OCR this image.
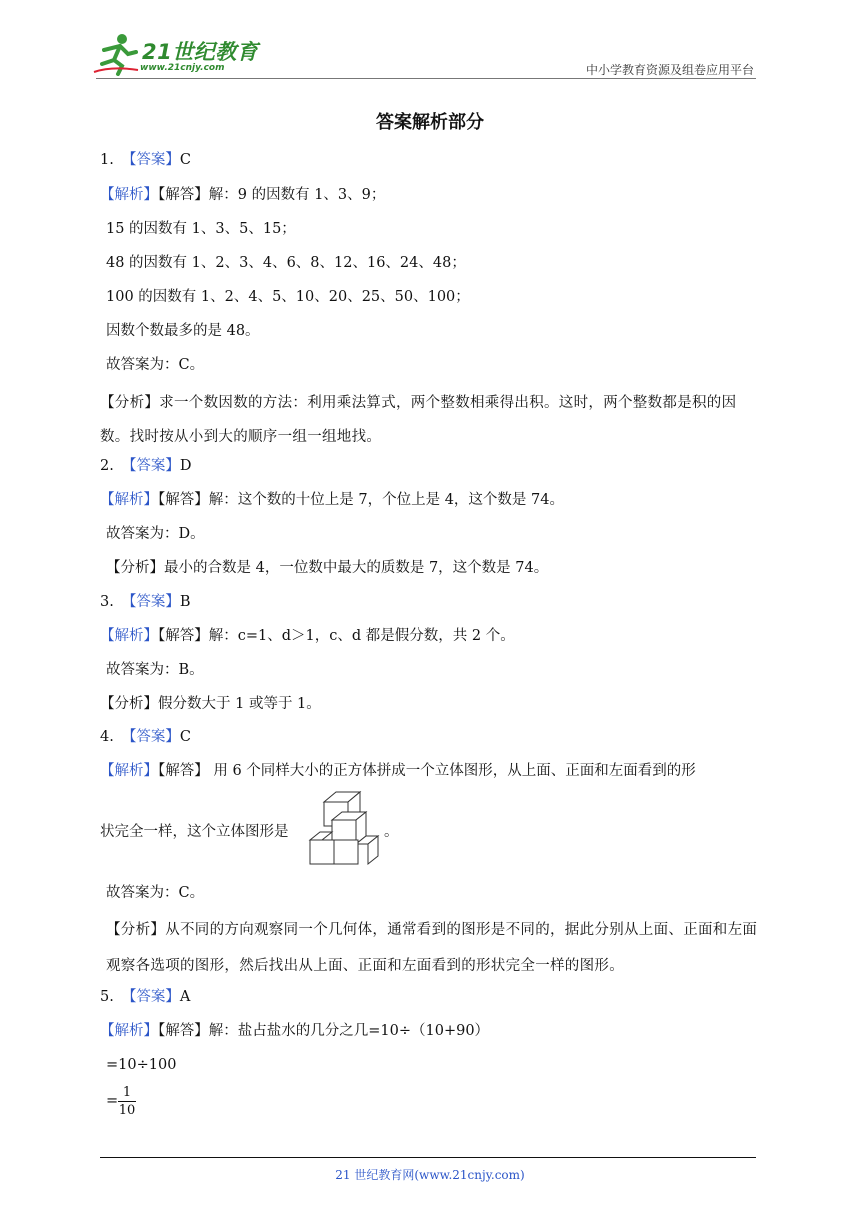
21世纪教育
www.21cnjy.com	中小学教育资源及组卷应用平台
答案解析部分
1. 【答案】C
【解析】【解答】解：9 的因数有 1、3、9；
15 的因数有 1、3、5、15；
48 的因数有 1、2、3、4、6、8、12、16、24、48；
100 的因数有 1、2、4、5、10、20、25、50、100；
因数个数最多的是 48。
故答案为：C。
【分析】求一个数因数的方法：利用乘法算式，两个整数相乘得出积。这时，两个整数都是积的因数。找时按从小到大的顺序一组一组地找。
2. 【答案】D
【解析】【解答】解：这个数的十位上是 7，个位上是 4，这个数是 74。
故答案为：D。
【分析】最小的合数是 4，一位数中最大的质数是 7，这个数是 74。
3. 【答案】B
【解析】【解答】解：c=1、d＞1，c、d 都是假分数，共 2 个。
故答案为：B。
【分析】假分数大于 1 或等于 1。
4. 【答案】C
【解析】【解答】 用 6 个同样大小的正方体拼成一个立体图形，从上面、正面和左面看到的形
状完全一样，这个立体图形是	。
故答案为：C。
【分析】从不同的方向观察同一个几何体，通常看到的图形是不同的，据此分别从上面、正面和左面观察各选项的图形，然后找出从上面、正面和左面看到的形状完全一样的图形。
5. 【答案】A
【解析】【解答】解：盐占盐水的几分之几=10÷（10+90）
=10÷100
=
1
10
21 世纪教育网(www.21cnjy.com)
